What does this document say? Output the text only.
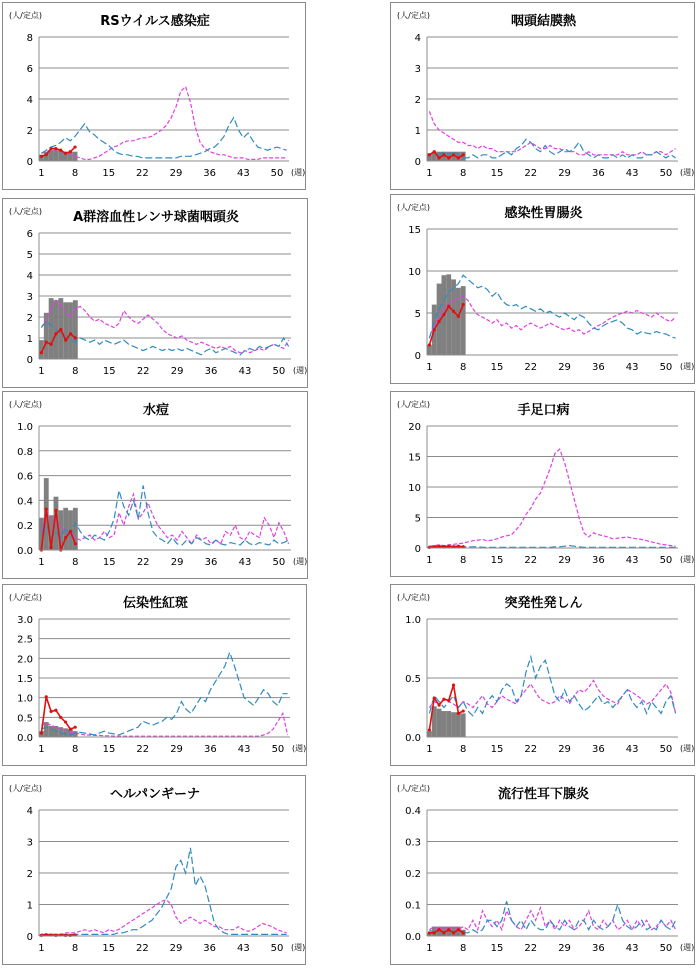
RSウイルス感染症
(人/定点)
(週)
0
2
4
6
8
1	8 15 22 29 36 43 50
咽頭結膜熱
(人/定点)
(週)
0
1
2
3
4
1	8 15 22 29 36 43 50
A群溶血性レンサ球菌咽頭炎
(人/定点)
(週)
0
1
2
3
4
5
6
1	8 15 22 29 36 43 50
感染性胃腸炎
(人/定点)
(週)
0
5
10
15
1	8 15 22 29 36 43 50
水痘
(人/定点)
(週)
0.0
0.2
0.4
0.6
0.8
1.0
1	8 15 22 29 36 43 50
手足口病
(人/定点)
(週)
0
5
10
15
20
1	8 15 22 29 36 43 50
伝染性紅斑
(人/定点)
(週)
0.0
0.5
1.0
1.5
2.0
2.5
3.0
1	8 15 22 29 36 43 50
突発性発しん
(人/定点)
(週)
0.0
0.5
1.0
1	8 15 22 29 36 43 50
ヘルパンギーナ
(人/定点)
(週)
0
1
2
3
4
1	8 15 22 29 36 43 50
流行性耳下腺炎
(人/定点)
(週)
0.0
0.1
0.2
0.3
0.4
1	8 15 22 29 36 43 50
